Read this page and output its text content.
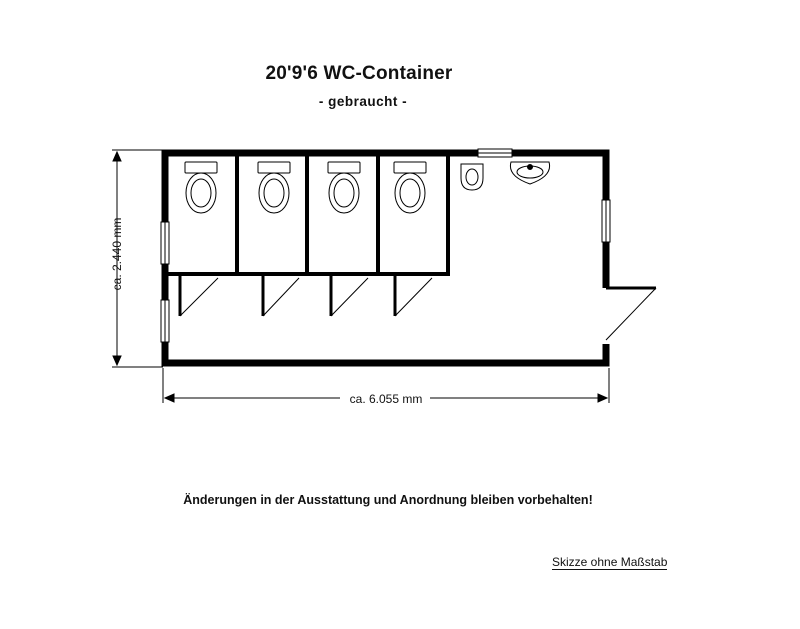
20'9'6 WC-Container
- gebraucht -
ca. 2.440 mm
ca. 6.055 mm
Änderungen in der Ausstattung und Anordnung bleiben vorbehalten!
Skizze ohne Maßstab
